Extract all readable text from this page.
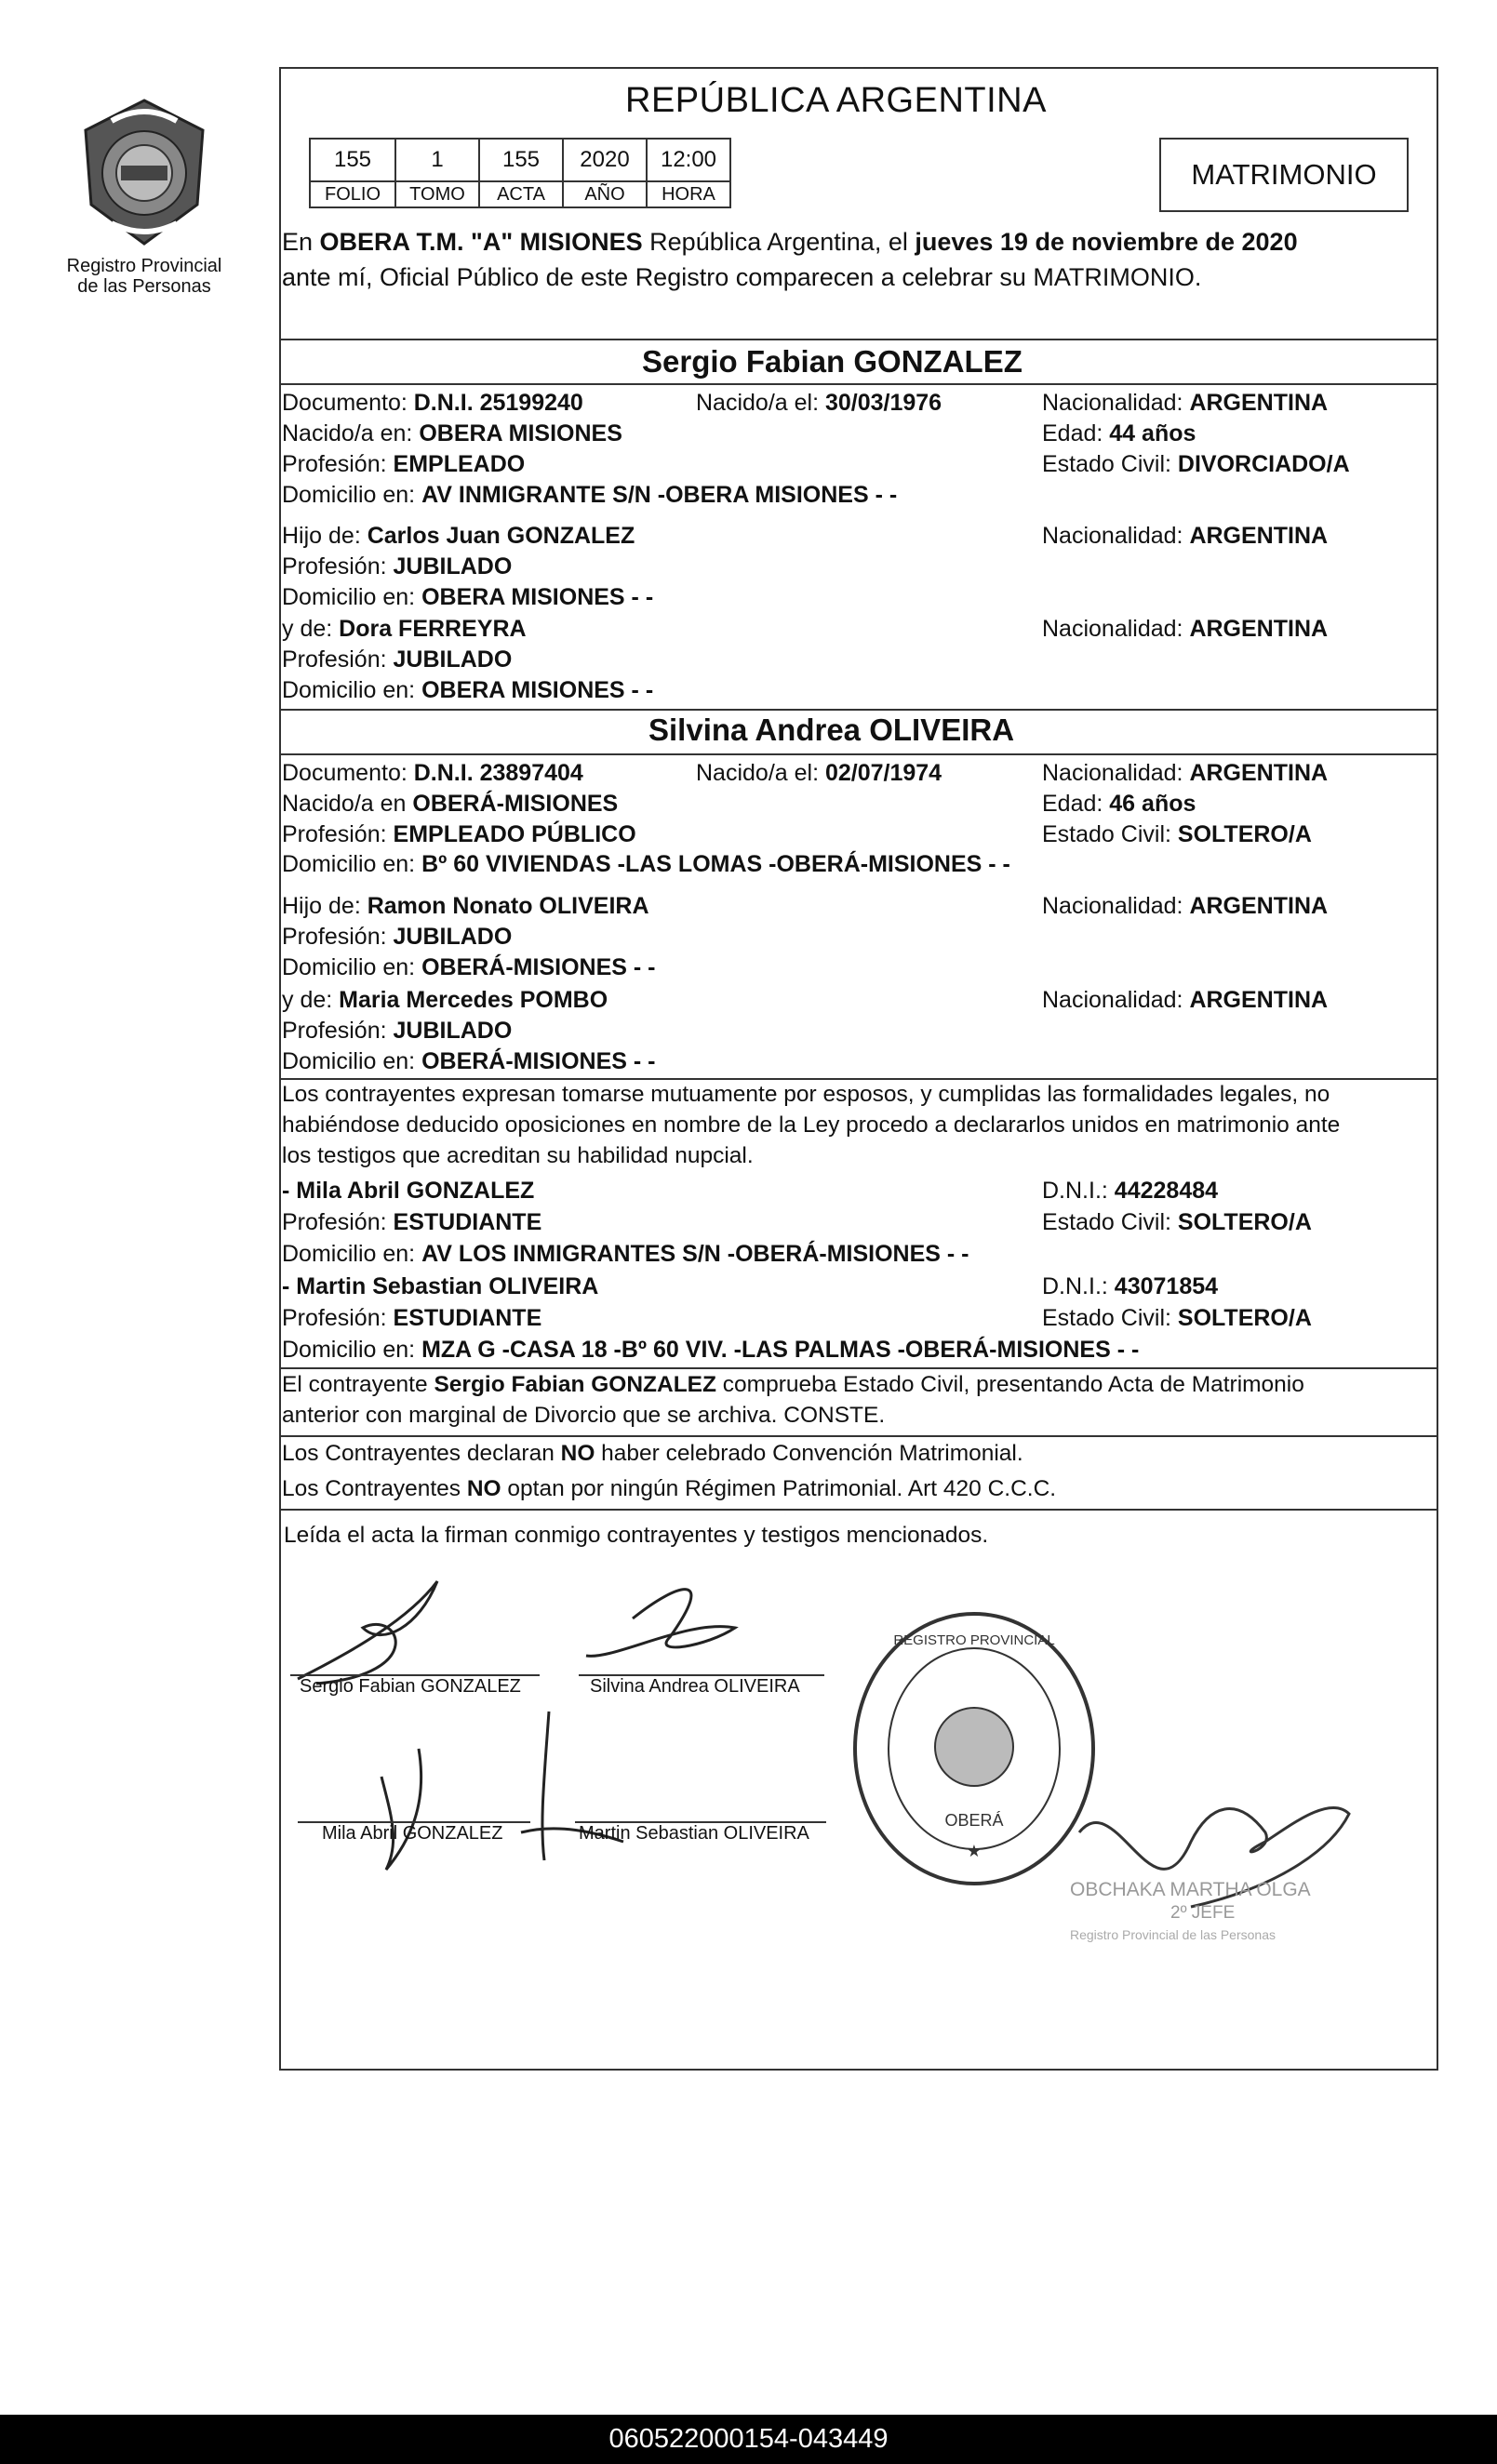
Registro Provincial
de las Personas
REPÚBLICA ARGENTINA
155	1	155	2020	12:00
FOLIO	TOMO	ACTA	AÑO	HORA
MATRIMONIO
En OBERA T.M. "A" MISIONES República Argentina, el jueves 19 de noviembre de 2020
ante mí, Oficial Público de este Registro comparecen a celebrar su MATRIMONIO.
Sergio Fabian GONZALEZ
Documento: D.N.I. 25199240	Nacido/a el: 30/03/1976	Nacionalidad: ARGENTINA
Nacido/a en: OBERA MISIONES	Edad: 44 años
Profesión: EMPLEADO	Estado Civil: DIVORCIADO/A
Domicilio en: AV INMIGRANTE S/N -OBERA MISIONES - -
Hijo de: Carlos Juan GONZALEZ	Nacionalidad: ARGENTINA
Profesión: JUBILADO
Domicilio en: OBERA MISIONES - -
y de: Dora FERREYRA	Nacionalidad: ARGENTINA
Profesión: JUBILADO
Domicilio en: OBERA MISIONES - -
Silvina Andrea OLIVEIRA
Documento: D.N.I. 23897404	Nacido/a el: 02/07/1974	Nacionalidad: ARGENTINA
Nacido/a en OBERÁ-MISIONES	Edad: 46 años
Profesión: EMPLEADO PÚBLICO	Estado Civil: SOLTERO/A
Domicilio en: Bº 60 VIVIENDAS -LAS LOMAS -OBERÁ-MISIONES - -
Hijo de: Ramon Nonato OLIVEIRA	Nacionalidad: ARGENTINA
Profesión: JUBILADO
Domicilio en: OBERÁ-MISIONES - -
y de: Maria Mercedes POMBO	Nacionalidad: ARGENTINA
Profesión: JUBILADO
Domicilio en: OBERÁ-MISIONES - -
Los contrayentes expresan tomarse mutuamente por esposos, y cumplidas las formalidades legales, no
habiéndose deducido oposiciones en nombre de la Ley procedo a declararlos unidos en matrimonio ante
los testigos que acreditan su habilidad nupcial.
- Mila Abril GONZALEZ	D.N.I.: 44228484
Profesión: ESTUDIANTE	Estado Civil: SOLTERO/A
Domicilio en: AV LOS INMIGRANTES S/N -OBERÁ-MISIONES - -
- Martin Sebastian OLIVEIRA	D.N.I.: 43071854
Profesión: ESTUDIANTE	Estado Civil: SOLTERO/A
Domicilio en: MZA G -CASA 18 -Bº 60 VIV. -LAS PALMAS -OBERÁ-MISIONES - -
El contrayente Sergio Fabian GONZALEZ comprueba Estado Civil, presentando Acta de Matrimonio
anterior con marginal de Divorcio que se archiva. CONSTE.
Los Contrayentes declaran NO haber celebrado Convención Matrimonial.
Los Contrayentes NO optan por ningún Régimen Patrimonial. Art 420 C.C.C.
Leída el acta la firman conmigo contrayentes y testigos mencionados.
Sergio Fabian GONZALEZ	Silvina Andrea OLIVEIRA
Mila Abril GONZALEZ	Martin Sebastian OLIVEIRA
REGISTRO PROVINCIAL
OBERÁ
★
OBCHAKA MARTHA OLGA
2º JEFE
Registro Provincial de las Personas
060522000154-043449
